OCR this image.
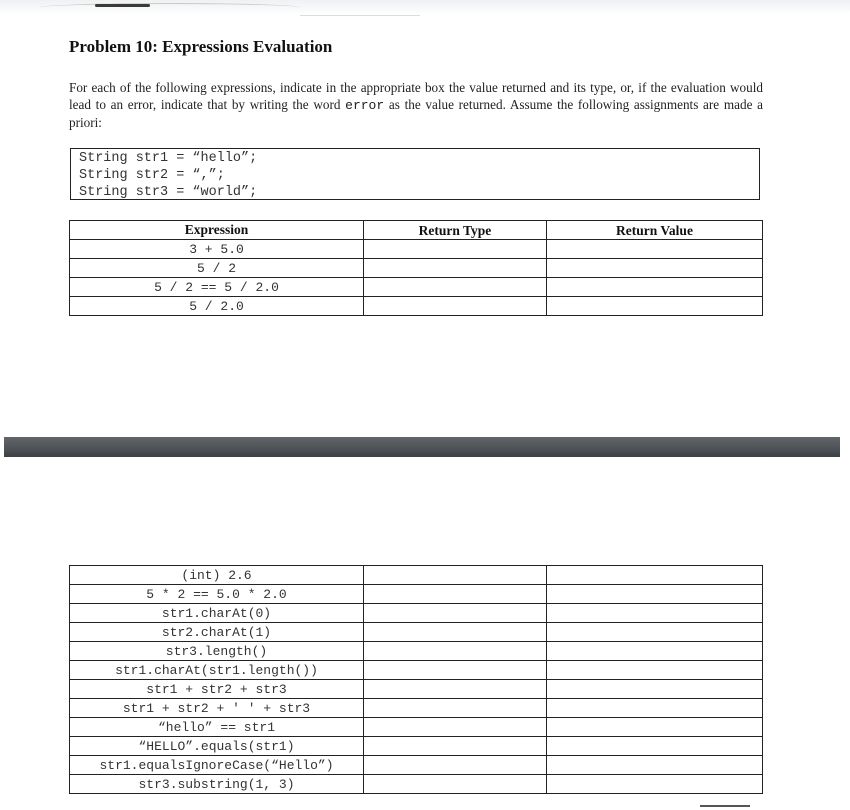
Problem 10: Expressions Evaluation

For each of the following expressions, indicate in the appropriate box the value returned and its type, or, if the evaluation would lead to an error, indicate that by writing the word error as the value returned. Assume the following assignments are made a priori:

String str1 = “hello”;
String str2 = “,”;
String str3 = “world”;
Expression	Return Type	Return Value
3 + 5.0		
5 / 2		
5 / 2 == 5 / 2.0		
5 / 2.0		
(int) 2.6		
5 * 2 == 5.0 * 2.0		
str1.charAt(0)		
str2.charAt(1)		
str3.length()		
str1.charAt(str1.length())		
str1 + str2 + str3		
str1 + str2 + ' ' + str3		
“hello” == str1		
“HELLO”.equals(str1)		
str1.equalsIgnoreCase(“Hello”)		
str3.substring(1, 3)		
